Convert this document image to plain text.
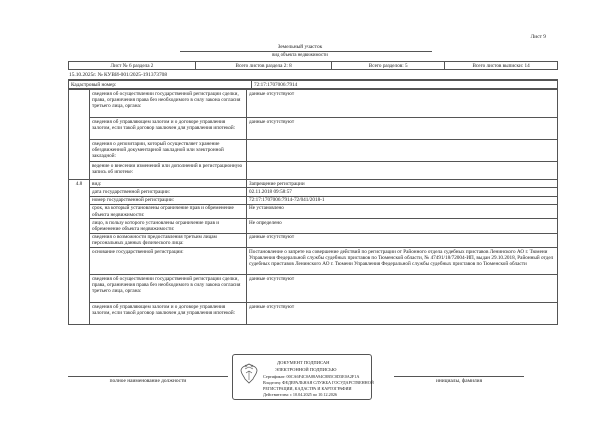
Лист 9
Земельный участок
вид объекта недвижимости
Лист № 6 раздела 2	Всего листов раздела 2: 8	Всего разделов: 5	Всего листов выписки: 14
15.10.2025г. № КУВИ-001/2025-191373708
Кадастровый номер:	72:17:1707006:7914
	сведения об осуществлении государственной регистрации сделки, права, ограничения права без необходимого в силу закона согласия третьего лица, органа:	данные отсутствуют
	сведения об управляющем залогом и о договоре управления залогом, если такой договор заключен для управления ипотекой:	данные отсутствуют
	сведения о депозитарии, который осуществляет хранение обездвиженной документарной закладной или электронной закладной:	
	ведение о внесении изменений или дополнений в регистрационную запись об ипотеке:	
4.8	вид:	Запрещение регистрации
	дата государственной регистрации:	02.11.2018 09:58:57
	номер государственной регистрации:	72:17:1707006:7914-72/041/2018-1
	срок, на который установлены ограничение прав и обременение объекта недвижимости:	Не установлено
	лицо, в пользу которого установлены ограничение прав и обременение объекта недвижимости:	Не определено
	сведения о возможности предоставления третьим лицам персональных данных физического лица:	данные отсутствуют
	основание государственной регистрации:	Постановление о запрете на совершение действий по регистрации от Районного отдела судебных приставов Ленинского АО г. Тюмени Управления Федеральной службы судебных приставов по Тюменской области, № 47491/18/72004-ИП, выдан 29.10.2018, Районный отдел судебных приставов Ленинского АО г. Тюмени Управления Федеральной службы судебных приставов по Тюменской области
	сведения об осуществлении государственной регистрации сделки, права, ограничения права без необходимого в силу закона согласия третьего лица, органа:	данные отсутствуют
	сведения об управляющем залогом и о договоре управления залогом, если такой договор заключен для управления ипотекой:	данные отсутствуют
полное наименование должности	инициалы, фамилия
ДОКУМЕНТ ПОДПИСАН
ЭЛЕКТРОННОЙ ПОДПИСЬЮ
Сертификат: 00CA6F4C0A88A94C8B5C0D3E0A2F1A
Владелец: ФЕДЕРАЛЬНАЯ СЛУЖБА ГОСУДАРСТВЕННОЙ
РЕГИСТРАЦИИ, КАДАСТРА И КАРТОГРАФИИ
Действителен: с 10.04.2025 по 10.12.2026
